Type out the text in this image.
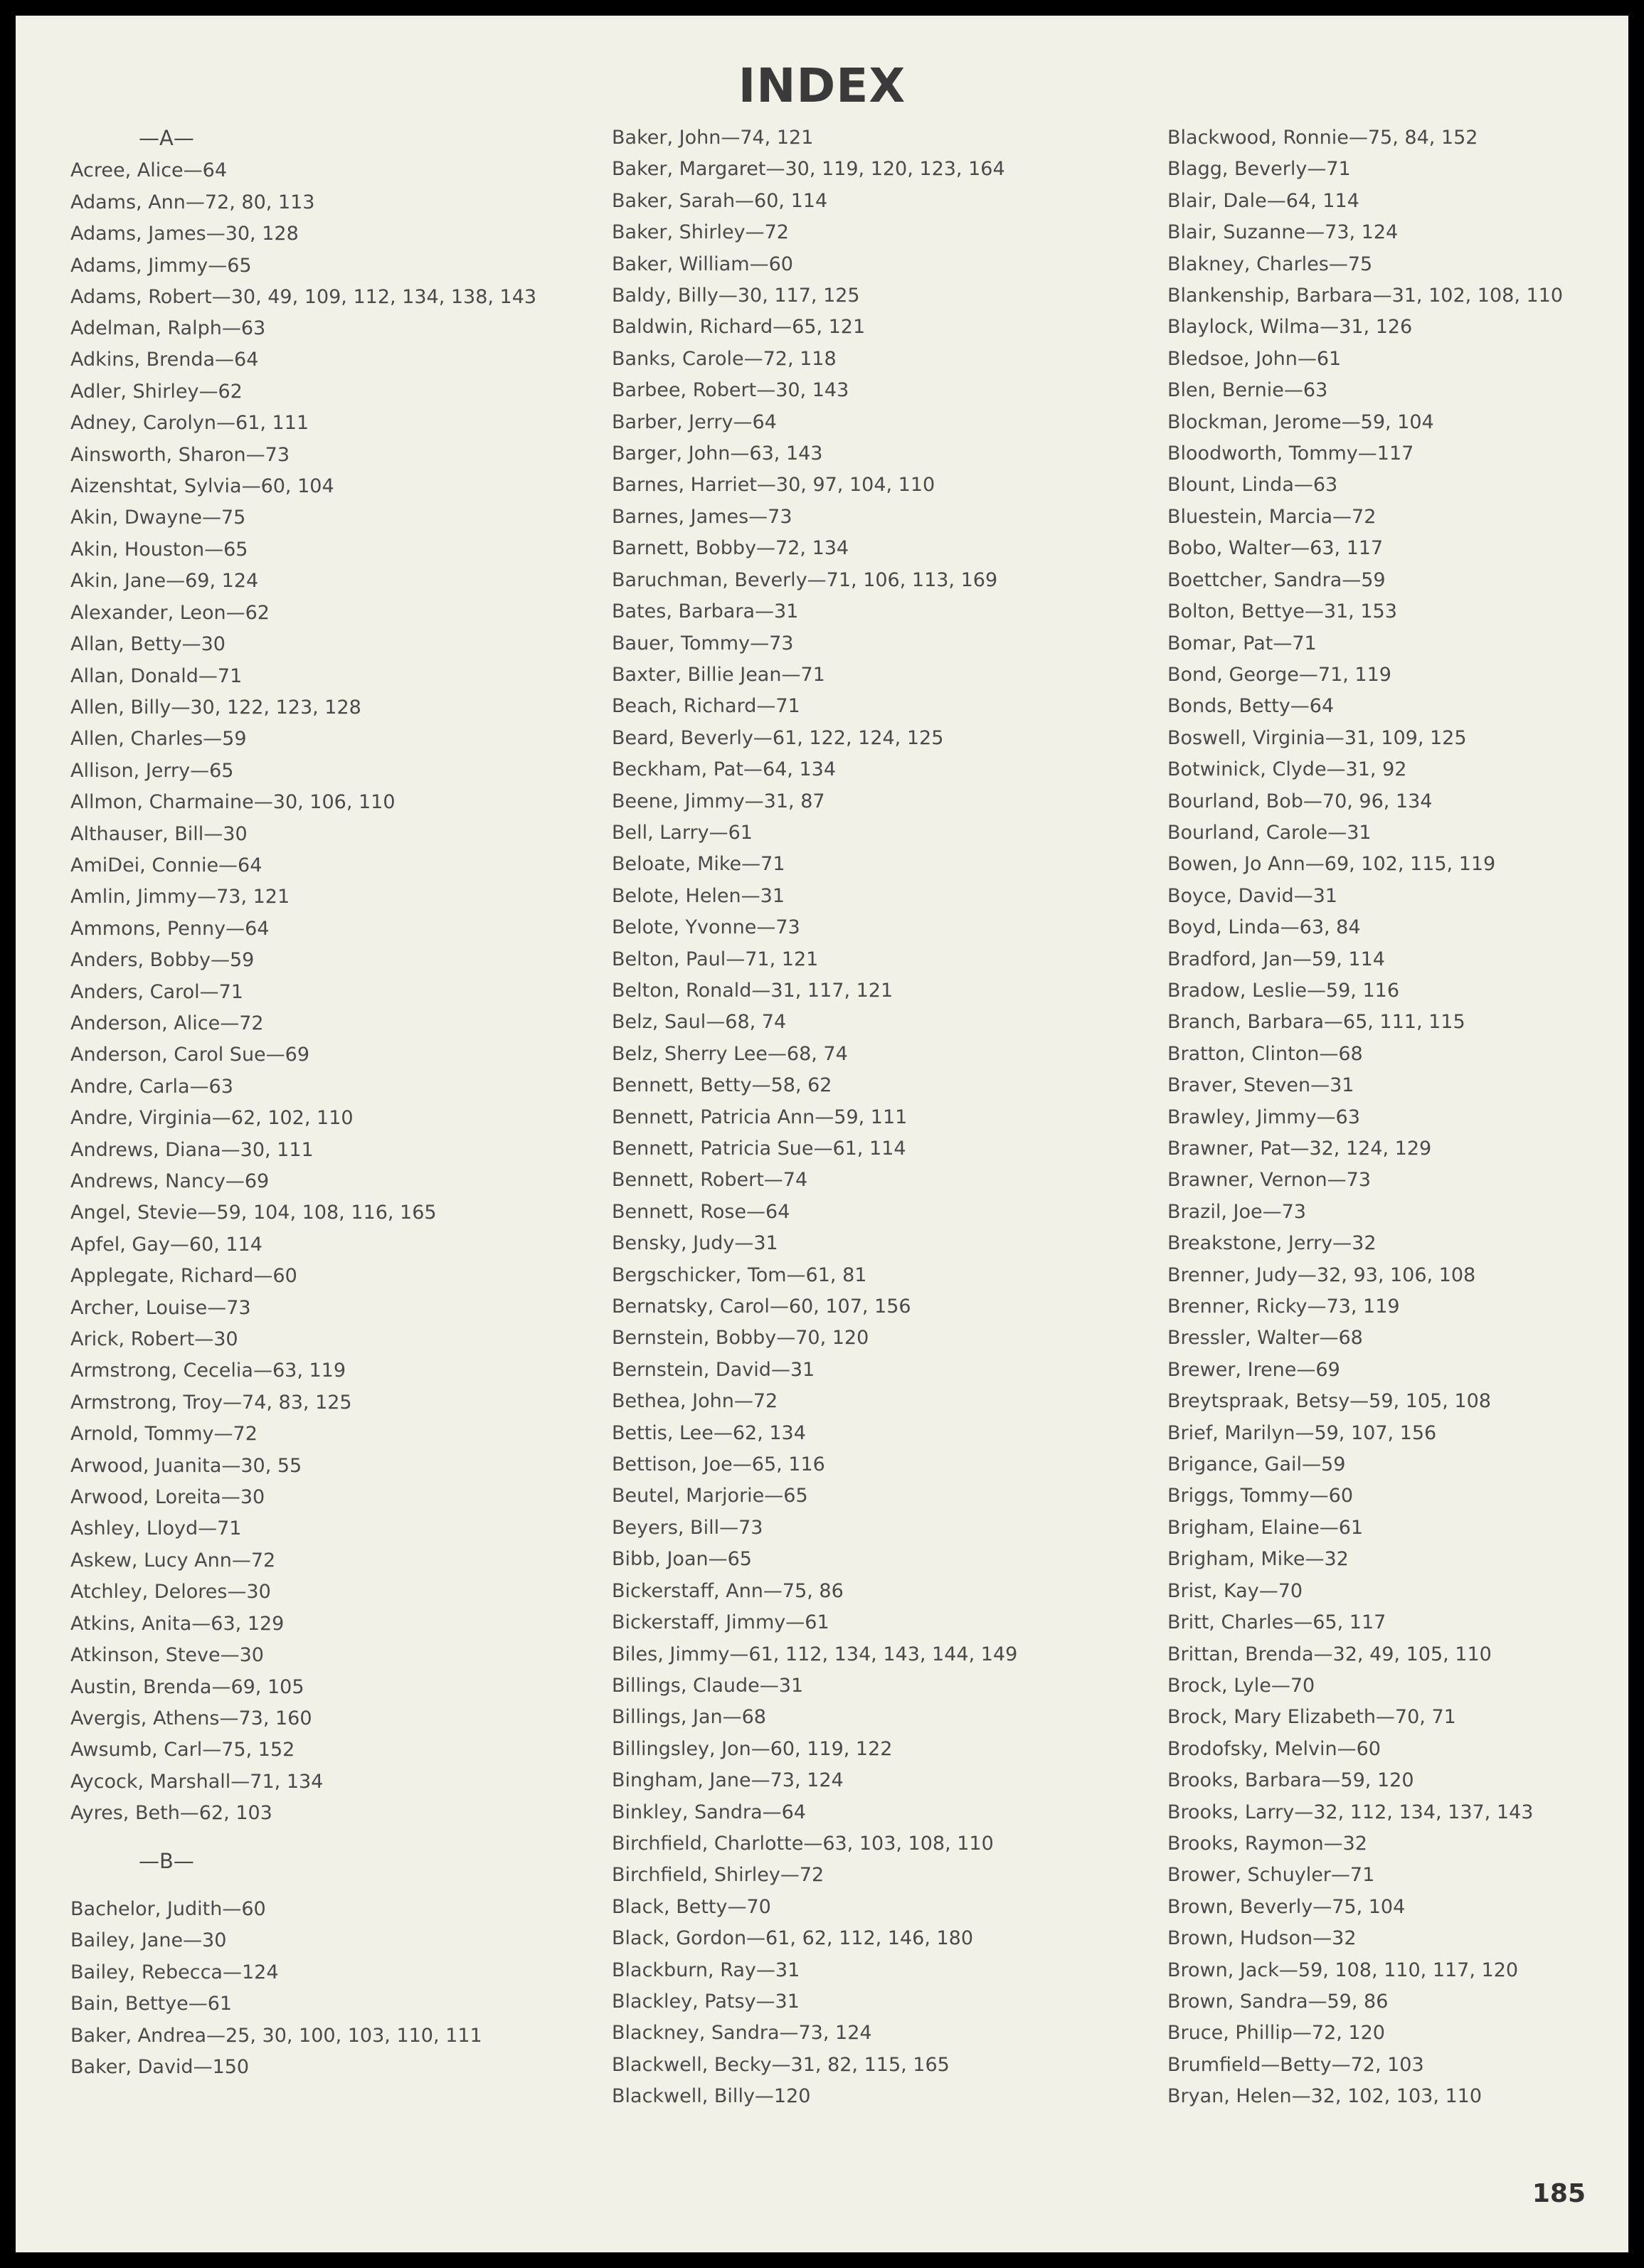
INDEX
—A—
Acree, Alice—64
Adams, Ann—72, 80, 113
Adams, James—30, 128
Adams, Jimmy—65
Adams, Robert—30, 49, 109, 112, 134, 138, 143
Adelman, Ralph—63
Adkins, Brenda—64
Adler, Shirley—62
Adney, Carolyn—61, 111
Ainsworth, Sharon—73
Aizenshtat, Sylvia—60, 104
Akin, Dwayne—75
Akin, Houston—65
Akin, Jane—69, 124
Alexander, Leon—62
Allan, Betty—30
Allan, Donald—71
Allen, Billy—30, 122, 123, 128
Allen, Charles—59
Allison, Jerry—65
Allmon, Charmaine—30, 106, 110
Althauser, Bill—30
AmiDei, Connie—64
Amlin, Jimmy—73, 121
Ammons, Penny—64
Anders, Bobby—59
Anders, Carol—71
Anderson, Alice—72
Anderson, Carol Sue—69
Andre, Carla—63
Andre, Virginia—62, 102, 110
Andrews, Diana—30, 111
Andrews, Nancy—69
Angel, Stevie—59, 104, 108, 116, 165
Apfel, Gay—60, 114
Applegate, Richard—60
Archer, Louise—73
Arick, Robert—30
Armstrong, Cecelia—63, 119
Armstrong, Troy—74, 83, 125
Arnold, Tommy—72
Arwood, Juanita—30, 55
Arwood, Loreita—30
Ashley, Lloyd—71
Askew, Lucy Ann—72
Atchley, Delores—30
Atkins, Anita—63, 129
Atkinson, Steve—30
Austin, Brenda—69, 105
Avergis, Athens—73, 160
Awsumb, Carl—75, 152
Aycock, Marshall—71, 134
Ayres, Beth—62, 103
—B—
Bachelor, Judith—60
Bailey, Jane—30
Bailey, Rebecca—124
Bain, Bettye—61
Baker, Andrea—25, 30, 100, 103, 110, 111
Baker, David—150
Baker, John—74, 121
Baker, Margaret—30, 119, 120, 123, 164
Baker, Sarah—60, 114
Baker, Shirley—72
Baker, William—60
Baldy, Billy—30, 117, 125
Baldwin, Richard—65, 121
Banks, Carole—72, 118
Barbee, Robert—30, 143
Barber, Jerry—64
Barger, John—63, 143
Barnes, Harriet—30, 97, 104, 110
Barnes, James—73
Barnett, Bobby—72, 134
Baruchman, Beverly—71, 106, 113, 169
Bates, Barbara—31
Bauer, Tommy—73
Baxter, Billie Jean—71
Beach, Richard—71
Beard, Beverly—61, 122, 124, 125
Beckham, Pat—64, 134
Beene, Jimmy—31, 87
Bell, Larry—61
Beloate, Mike—71
Belote, Helen—31
Belote, Yvonne—73
Belton, Paul—71, 121
Belton, Ronald—31, 117, 121
Belz, Saul—68, 74
Belz, Sherry Lee—68, 74
Bennett, Betty—58, 62
Bennett, Patricia Ann—59, 111
Bennett, Patricia Sue—61, 114
Bennett, Robert—74
Bennett, Rose—64
Bensky, Judy—31
Bergschicker, Tom—61, 81
Bernatsky, Carol—60, 107, 156
Bernstein, Bobby—70, 120
Bernstein, David—31
Bethea, John—72
Bettis, Lee—62, 134
Bettison, Joe—65, 116
Beutel, Marjorie—65
Beyers, Bill—73
Bibb, Joan—65
Bickerstaff, Ann—75, 86
Bickerstaff, Jimmy—61
Biles, Jimmy—61, 112, 134, 143, 144, 149
Billings, Claude—31
Billings, Jan—68
Billingsley, Jon—60, 119, 122
Bingham, Jane—73, 124
Binkley, Sandra—64
Birchfield, Charlotte—63, 103, 108, 110
Birchfield, Shirley—72
Black, Betty—70
Black, Gordon—61, 62, 112, 146, 180
Blackburn, Ray—31
Blackley, Patsy—31
Blackney, Sandra—73, 124
Blackwell, Becky—31, 82, 115, 165
Blackwell, Billy—120
Blackwood, Ronnie—75, 84, 152
Blagg, Beverly—71
Blair, Dale—64, 114
Blair, Suzanne—73, 124
Blakney, Charles—75
Blankenship, Barbara—31, 102, 108, 110
Blaylock, Wilma—31, 126
Bledsoe, John—61
Blen, Bernie—63
Blockman, Jerome—59, 104
Bloodworth, Tommy—117
Blount, Linda—63
Bluestein, Marcia—72
Bobo, Walter—63, 117
Boettcher, Sandra—59
Bolton, Bettye—31, 153
Bomar, Pat—71
Bond, George—71, 119
Bonds, Betty—64
Boswell, Virginia—31, 109, 125
Botwinick, Clyde—31, 92
Bourland, Bob—70, 96, 134
Bourland, Carole—31
Bowen, Jo Ann—69, 102, 115, 119
Boyce, David—31
Boyd, Linda—63, 84
Bradford, Jan—59, 114
Bradow, Leslie—59, 116
Branch, Barbara—65, 111, 115
Bratton, Clinton—68
Braver, Steven—31
Brawley, Jimmy—63
Brawner, Pat—32, 124, 129
Brawner, Vernon—73
Brazil, Joe—73
Breakstone, Jerry—32
Brenner, Judy—32, 93, 106, 108
Brenner, Ricky—73, 119
Bressler, Walter—68
Brewer, Irene—69
Breytspraak, Betsy—59, 105, 108
Brief, Marilyn—59, 107, 156
Brigance, Gail—59
Briggs, Tommy—60
Brigham, Elaine—61
Brigham, Mike—32
Brist, Kay—70
Britt, Charles—65, 117
Brittan, Brenda—32, 49, 105, 110
Brock, Lyle—70
Brock, Mary Elizabeth—70, 71
Brodofsky, Melvin—60
Brooks, Barbara—59, 120
Brooks, Larry—32, 112, 134, 137, 143
Brooks, Raymon—32
Brower, Schuyler—71
Brown, Beverly—75, 104
Brown, Hudson—32
Brown, Jack—59, 108, 110, 117, 120
Brown, Sandra—59, 86
Bruce, Phillip—72, 120
Brumfield—Betty—72, 103
Bryan, Helen—32, 102, 103, 110
185
